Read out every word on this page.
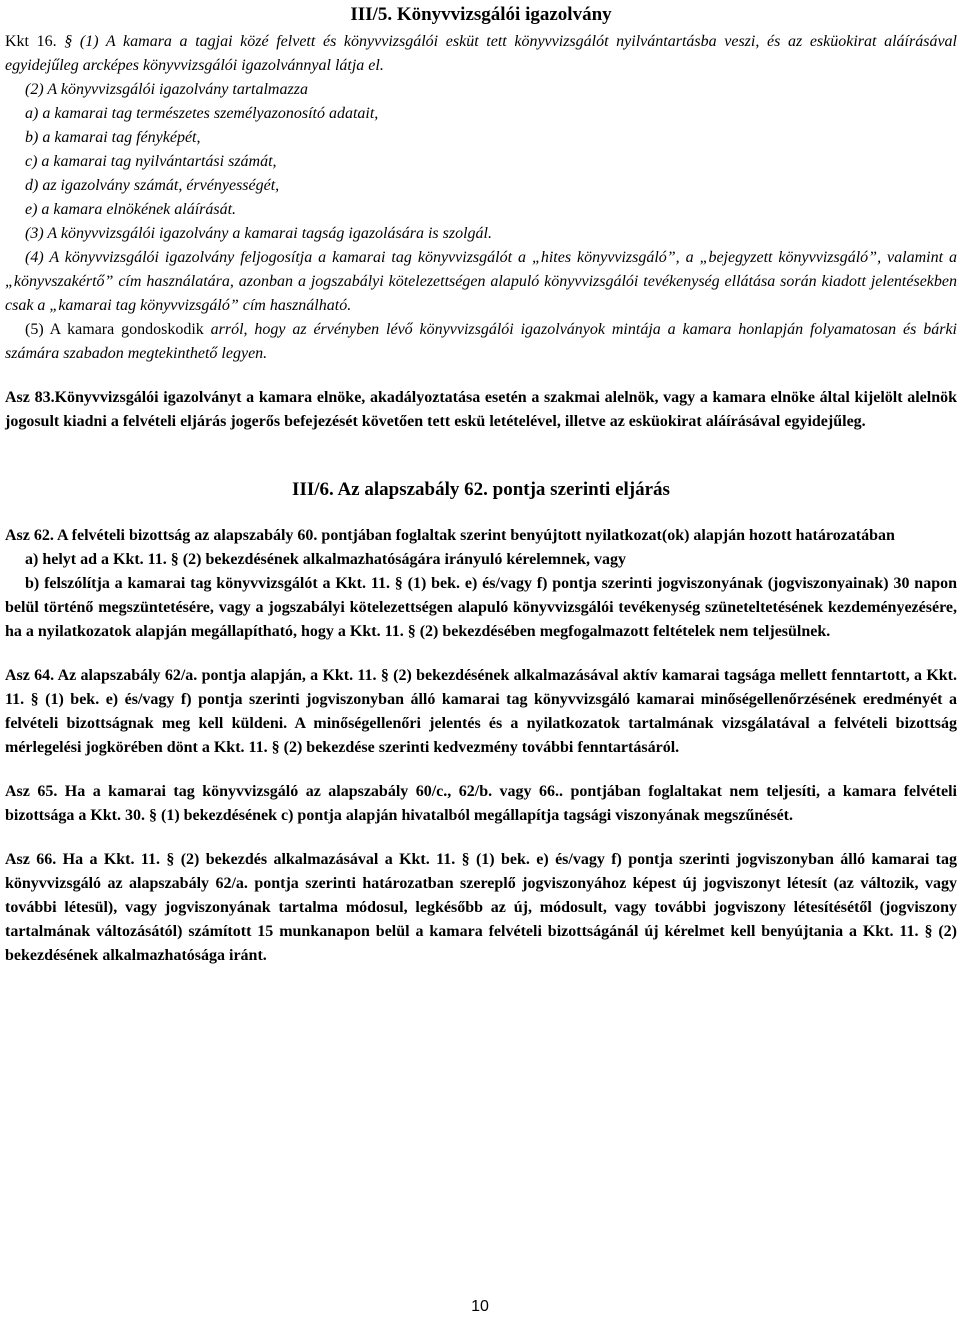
III/5. Könyvvizsgálói igazolvány

Kkt 16. § (1) A kamara a tagjai közé felvett és könyvvizsgálói esküt tett könyvvizsgálót nyilvántartásba veszi, és az esküokirat aláírásával egyidejűleg arcképes könyvvizsgálói igazolvánnyal látja el.

(2) A könyvvizsgálói igazolvány tartalmazza

a) a kamarai tag természetes személyazonosító adatait,

b) a kamarai tag fényképét,

c) a kamarai tag nyilvántartási számát,

d) az igazolvány számát, érvényességét,

e) a kamara elnökének aláírását.

(3) A könyvvizsgálói igazolvány a kamarai tagság igazolására is szolgál.

(4) A könyvvizsgálói igazolvány feljogosítja a kamarai tag könyvvizsgálót a „hites könyvvizsgáló”, a „bejegyzett könyvvizsgáló”, valamint a „könyvszakértő” cím használatára, azonban a jogszabályi kötelezettségen alapuló könyvvizsgálói tevékenység ellátása során kiadott jelentésekben csak a „kamarai tag könyvvizsgáló” cím használható.

(5) A kamara gondoskodik arról, hogy az érvényben lévő könyvvizsgálói igazolványok mintája a kamara honlapján folyamatosan és bárki számára szabadon megtekinthető legyen.

Asz 83.Könyvvizsgálói igazolványt a kamara elnöke, akadályoztatása esetén a szakmai alelnök, vagy a kamara elnöke által kijelölt alelnök jogosult kiadni a felvételi eljárás jogerős befejezését követően tett eskü letételével, illetve az esküokirat aláírásával egyidejűleg.

III/6. Az alapszabály 62. pontja szerinti eljárás

Asz 62. A felvételi bizottság az alapszabály 60. pontjában foglaltak szerint benyújtott nyilatkozat(ok) alapján hozott határozatában

a) helyt ad a Kkt. 11. § (2) bekezdésének alkalmazhatóságára irányuló kérelemnek, vagy

b) felszólítja a kamarai tag könyvvizsgálót a Kkt. 11. § (1) bek. e) és/vagy f) pontja szerinti jogviszonyának (jogviszonyainak) 30 napon belül történő megszüntetésére, vagy a jogszabályi kötelezettségen alapuló könyvvizsgálói tevékenység szüneteltetésének kezdeményezésére, ha a nyilatkozatok alapján megállapítható, hogy a Kkt. 11. § (2) bekezdésében megfogalmazott feltételek nem teljesülnek.

Asz 64. Az alapszabály 62/a. pontja alapján, a Kkt. 11. § (2) bekezdésének alkalmazásával aktív kamarai tagsága mellett fenntartott, a Kkt. 11. § (1) bek. e) és/vagy f) pontja szerinti jogviszonyban álló kamarai tag könyvvizsgáló kamarai minőségellenőrzésének eredményét a felvételi bizottságnak meg kell küldeni. A minőségellenőri jelentés és a nyilatkozatok tartalmának vizsgálatával a felvételi bizottság mérlegelési jogkörében dönt a Kkt. 11. § (2) bekezdése szerinti kedvezmény további fenntartásáról.

Asz 65. Ha a kamarai tag könyvvizsgáló az alapszabály 60/c., 62/b. vagy 66.. pontjában foglaltakat nem teljesíti, a kamara felvételi bizottsága a Kkt. 30. § (1) bekezdésének c) pontja alapján hivatalból megállapítja tagsági viszonyának megszűnését.

Asz 66. Ha a Kkt. 11. § (2) bekezdés alkalmazásával a Kkt. 11. § (1) bek. e) és/vagy f) pontja szerinti jogviszonyban álló kamarai tag könyvvizsgáló az alapszabály 62/a. pontja szerinti határozatban szereplő jogviszonyához képest új jogviszonyt létesít (az változik, vagy további létesül), vagy jogviszonyának tartalma módosul, legkésőbb az új, módosult, vagy további jogviszony létesítésétől (jogviszony tartalmának változásától) számított 15 munkanapon belül a kamara felvételi bizottságánál új kérelmet kell benyújtania a Kkt. 11. § (2) bekezdésének alkalmazhatósága iránt.

10
